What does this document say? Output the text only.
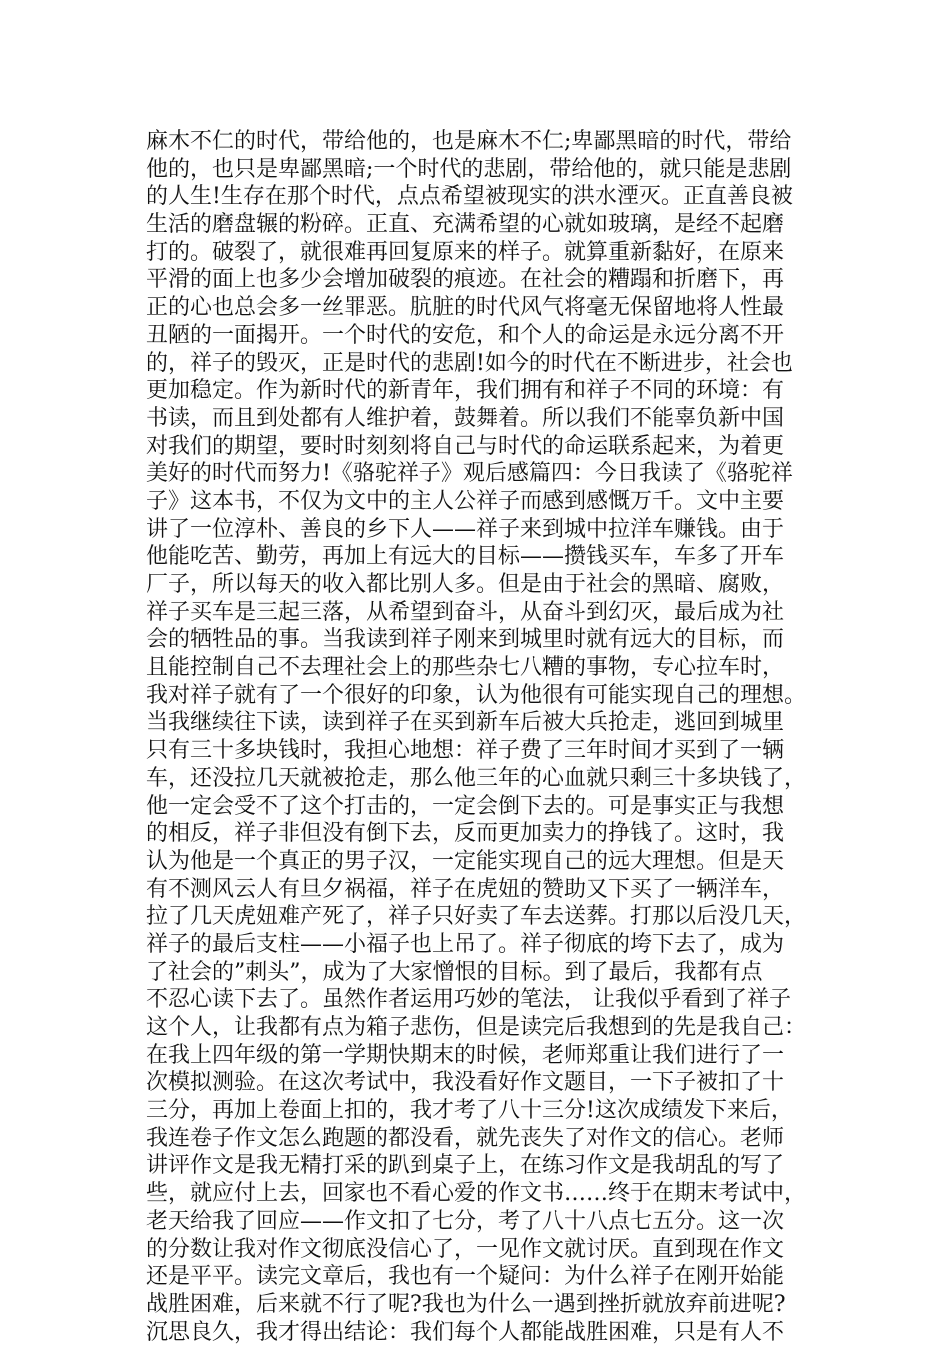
麻木不仁的时代，带给他的，也是麻木不仁;卑鄙黑暗的时代，带给
他的，也只是卑鄙黑暗;一个时代的悲剧，带给他的，就只能是悲剧
的人生!生存在那个时代，点点希望被现实的洪水湮灭。正直善良被
生活的磨盘辗的粉碎。正直、充满希望的心就如玻璃，是经不起磨
打的。破裂了，就很难再回复原来的样子。就算重新黏好，在原来
平滑的面上也多少会增加破裂的痕迹。在社会的糟蹋和折磨下，再
正的心也总会多一丝罪恶。肮脏的时代风气将毫无保留地将人性最
丑陋的一面揭开。一个时代的安危，和个人的命运是永远分离不开
的，祥子的毁灭，正是时代的悲剧!如今的时代在不断进步，社会也
更加稳定。作为新时代的新青年，我们拥有和祥子不同的环境：有
书读，而且到处都有人维护着，鼓舞着。所以我们不能辜负新中国
对我们的期望，要时时刻刻将自己与时代的命运联系起来，为着更
美好的时代而努力!《骆驼祥子》观后感篇四：今日我读了《骆驼祥
子》这本书，不仅为文中的主人公祥子而感到感慨万千。文中主要
讲了一位淳朴、善良的乡下人——祥子来到城中拉洋车赚钱。由于
他能吃苦、勤劳，再加上有远大的目标——攒钱买车，车多了开车
厂子，所以每天的收入都比别人多。但是由于社会的黑暗、腐败，
祥子买车是三起三落，从希望到奋斗，从奋斗到幻灭，最后成为社
会的牺牲品的事。当我读到祥子刚来到城里时就有远大的目标，而
且能控制自己不去理社会上的那些杂七八糟的事物，专心拉车时，
我对祥子就有了一个很好的印象，认为他很有可能实现自己的理想。
当我继续往下读，读到祥子在买到新车后被大兵抢走，逃回到城里
只有三十多块钱时，我担心地想：祥子费了三年时间才买到了一辆
车，还没拉几天就被抢走，那么他三年的心血就只剩三十多块钱了，
他一定会受不了这个打击的，一定会倒下去的。可是事实正与我想
的相反，祥子非但没有倒下去，反而更加卖力的挣钱了。这时，我
认为他是一个真正的男子汉，一定能实现自己的远大理想。但是天
有不测风云人有旦夕祸福，祥子在虎妞的赞助又下买了一辆洋车，
拉了几天虎妞难产死了，祥子只好卖了车去送葬。打那以后没几天，
祥子的最后支柱——小福子也上吊了。祥子彻底的垮下去了，成为
了社会的”刺头”，成为了大家憎恨的目标。到了最后，我都有点
不忍心读下去了。虽然作者运用巧妙的笔法， 让我似乎看到了祥子
这个人，让我都有点为箱子悲伤，但是读完后我想到的先是我自己：
在我上四年级的第一学期快期末的时候，老师郑重让我们进行了一
次模拟测验。在这次考试中，我没看好作文题目，一下子被扣了十
三分，再加上卷面上扣的，我才考了八十三分!这次成绩发下来后，
我连卷子作文怎么跑题的都没看，就先丧失了对作文的信心。老师
讲评作文是我无精打采的趴到桌子上，在练习作文是我胡乱的写了
些，就应付上去，回家也不看心爱的作文书……终于在期末考试中，
老天给我了回应——作文扣了七分，考了八十八点七五分。这一次
的分数让我对作文彻底没信心了，一见作文就讨厌。直到现在作文
还是平平。读完文章后，我也有一个疑问：为什么祥子在刚开始能
战胜困难，后来就不行了呢?我也为什么一遇到挫折就放弃前进呢?
沉思良久，我才得出结论：我们每个人都能战胜困难，只是有人不
